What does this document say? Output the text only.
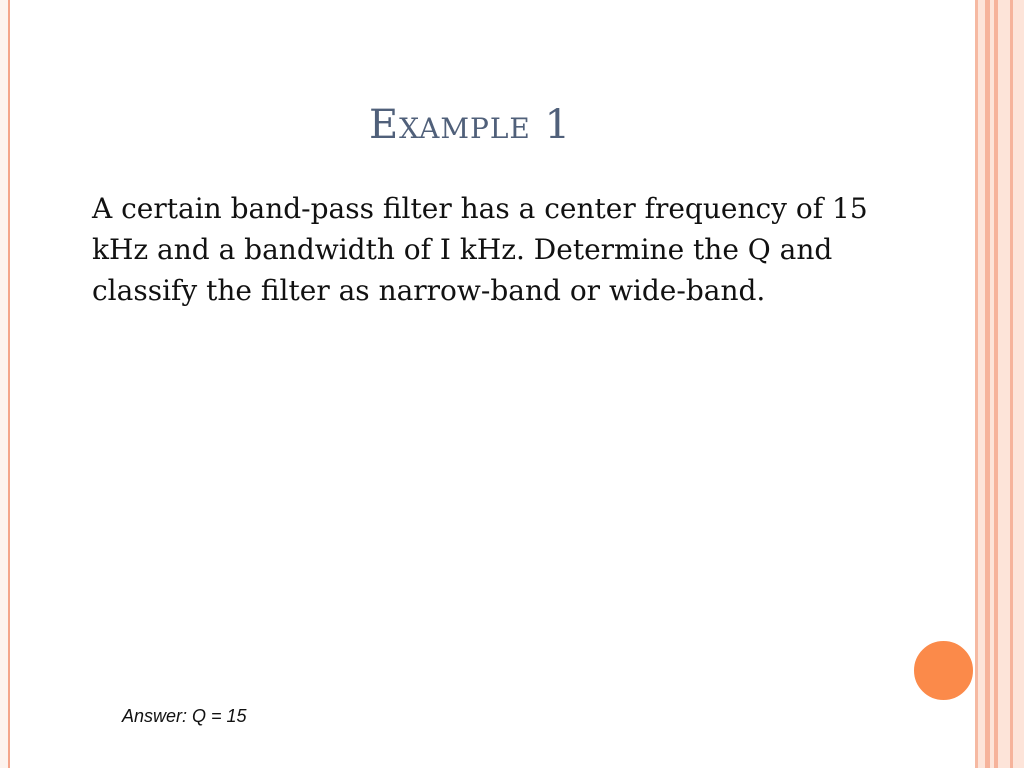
Example 1

A certain band-pass filter has a center frequency of 15 kHz and a bandwidth of I kHz. Determine the Q and classify the filter as narrow-band or wide-band.

Answer: Q = 15
